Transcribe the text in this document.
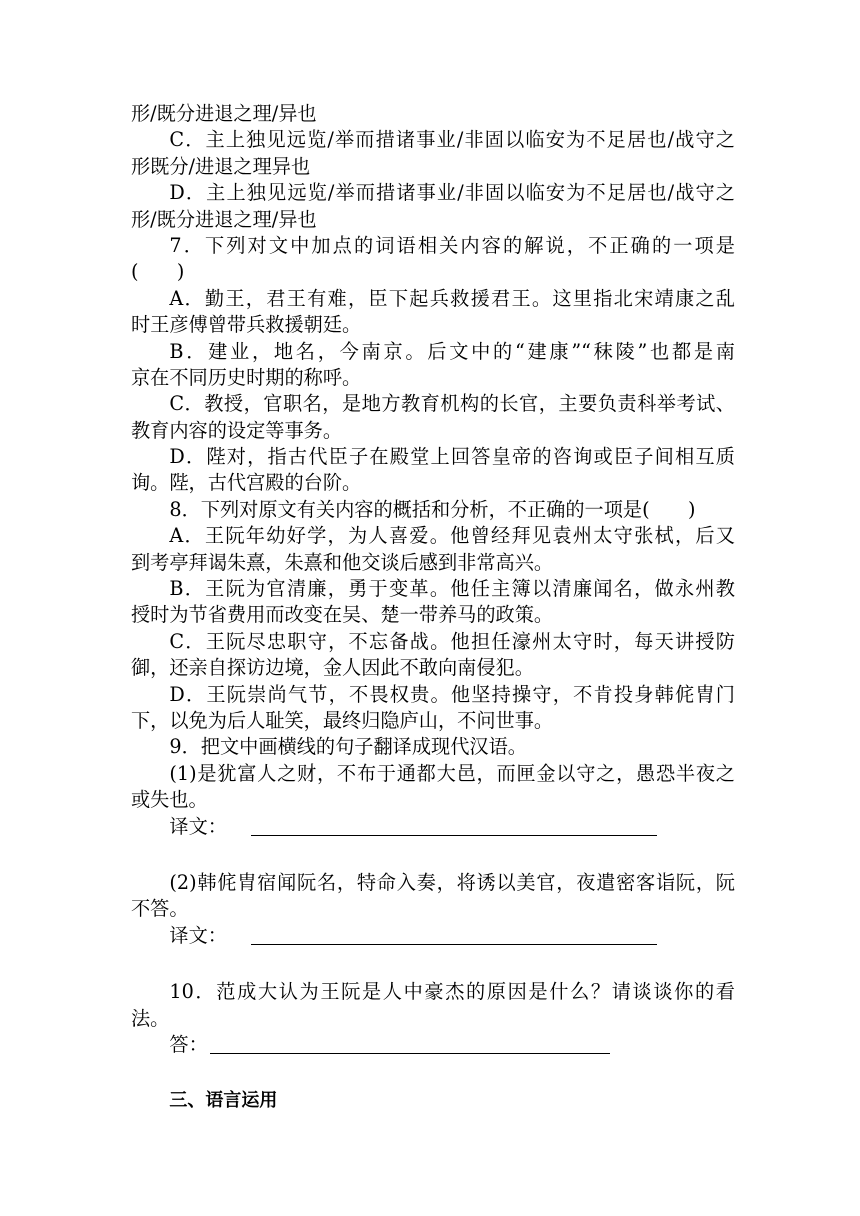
形/既分进退之理/异也
C．主上独见远览/举而措诸事业/非固以临安为不足居也/战守之
形既分/进退之理异也
D．主上独见远览/举而措诸事业/非固以临安为不足居也/战守之
形/既分进退之理/异也
7．下列对文中加点的词语相关内容的解说，不正确的一项是
(　　)
A．勤王，君王有难，臣下起兵救援君王。这里指北宋靖康之乱
时王彦傅曾带兵救援朝廷。
B．建业，地名，今南京。后文中的“建康”“秣陵”也都是南
京在不同历史时期的称呼。
C．教授，官职名，是地方教育机构的长官，主要负责科举考试、
教育内容的设定等事务。
D．陛对，指古代臣子在殿堂上回答皇帝的咨询或臣子间相互质
询。陛，古代宫殿的台阶。
8．下列对原文有关内容的概括和分析，不正确的一项是(　　)
A．王阮年幼好学，为人喜爱。他曾经拜见袁州太守张栻，后又
到考亭拜谒朱熹，朱熹和他交谈后感到非常高兴。
B．王阮为官清廉，勇于变革。他任主簿以清廉闻名，做永州教
授时为节省费用而改变在吴、楚一带养马的政策。
C．王阮尽忠职守，不忘备战。他担任濠州太守时，每天讲授防
御，还亲自探访边境，金人因此不敢向南侵犯。
D．王阮崇尚气节，不畏权贵。他坚持操守，不肯投身韩侂胄门
下，以免为后人耻笑，最终归隐庐山，不问世事。
9．把文中画横线的句子翻译成现代汉语。
(1)是犹富人之财，不布于通都大邑，而匣金以守之，愚恐半夜之
或失也。
译文：
(2)韩侂胄宿闻阮名，特命入奏，将诱以美官，夜遣密客诣阮，阮
不答。
译文：
10．范成大认为王阮是人中豪杰的原因是什么？请谈谈你的看
法。
答：
三、语言运用
